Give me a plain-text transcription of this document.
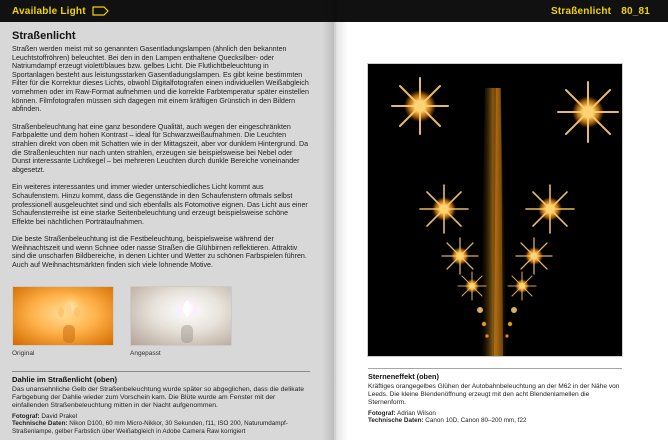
Available Light	Straßenlicht 80_81
Straßenlicht

Straßen werden meist mit so genannten Gasentladungslampen (ähnlich den bekannten Leuchtstoffröhren) beleuchtet. Bei den in den Lampen enthaltene Quecksilber- oder Natriumdampf erzeugt violett/blaues bzw. gelbes Licht. Die Flutlichtbeleuchtung in Sportanlagen besteht aus leistungsstarken Gasentladungslampen. Es gibt keine bestimmten Filter für die Korrektur dieses Lichts, obwohl Digitalfotografen einen individuellen Weißabgleich vornehmen oder im Raw-Format aufnehmen und die korrekte Farbtemperatur später einstellen können. Filmfotografen müssen sich dagegen mit einem kräftigen Grünstich in den Bildern abfinden.

Straßenbeleuchtung hat eine ganz besondere Qualität, auch wegen der eingeschränkten Farbpalette und dem hohen Kontrast – ideal für Schwarzweißaufnahmen. Die Leuchten strahlen direkt von oben mit Schatten wie in der Mittagszeit, aber vor dunklem Hintergrund. Da die Straßenleuchten nur nach unten strahlen, erzeugen sie beispielsweise bei Nebel oder Dunst interessante Lichtkegel – bei mehreren Leuchten durch dunkle Bereiche voneinander abgesetzt.

Ein weiteres interessantes und immer wieder unterschiedliches Licht kommt aus Schaufenstern. Hinzu kommt, dass die Gegenstände in den Schaufenstern oftmals selbst professionell ausgeleuchtet sind und sich ebenfalls als Fotomotive eignen. Das Licht aus einer Schaufensterreihe ist eine starke Seitenbeleuchtung und erzeugt beispielsweise schöne Effekte bei nächtlichen Porträtaufnahmen.

Die beste Straßenbeleuchtung ist die Festbeleuchtung, beispielsweise während der Weihnachtszeit und wenn Schnee oder nasse Straßen die Glühbirnen reflektieren. Attraktiv sind die unscharfen Bildbereiche, in denen Lichter und Wetter zu schönen Farbspielen führen. Auch auf Weihnachtsmärkten finden sich viele lohnende Motive.

Original	Angepasst
Dahlie im Straßenlicht (oben)
Das unansehnliche Gelb der Straßenbeleuchtung wurde später so abgeglichen, dass die delikate Farbgebung der Dahlie wieder zum Vorschein kam. Die Blüte wurde am Fenster mit der einfallenden Straßenbeleuchtung mitten in der Nacht aufgenommen.
Fotograf: David Prakel
Technische Daten: Nikon D100, 60 mm Micro-Nikkor, 30 Sekunden, f11, ISO 200, Naturumdampf-Straßenlampe, gelber Farbstich über Weißabgleich in Adobe Camera Raw korrigiert
Sterneneffekt (oben)
Kräftiges orangegelbes Glühen der Autobahnbeleuchtung an der M62 in der Nähe von Leeds. Die kleine Blendenöffnung erzeugt mit den acht Blendenlamellen die Sternenform.
Fotograf: Adrian Wilson
Technische Daten: Canon 10D, Canon 80–200 mm, f22
